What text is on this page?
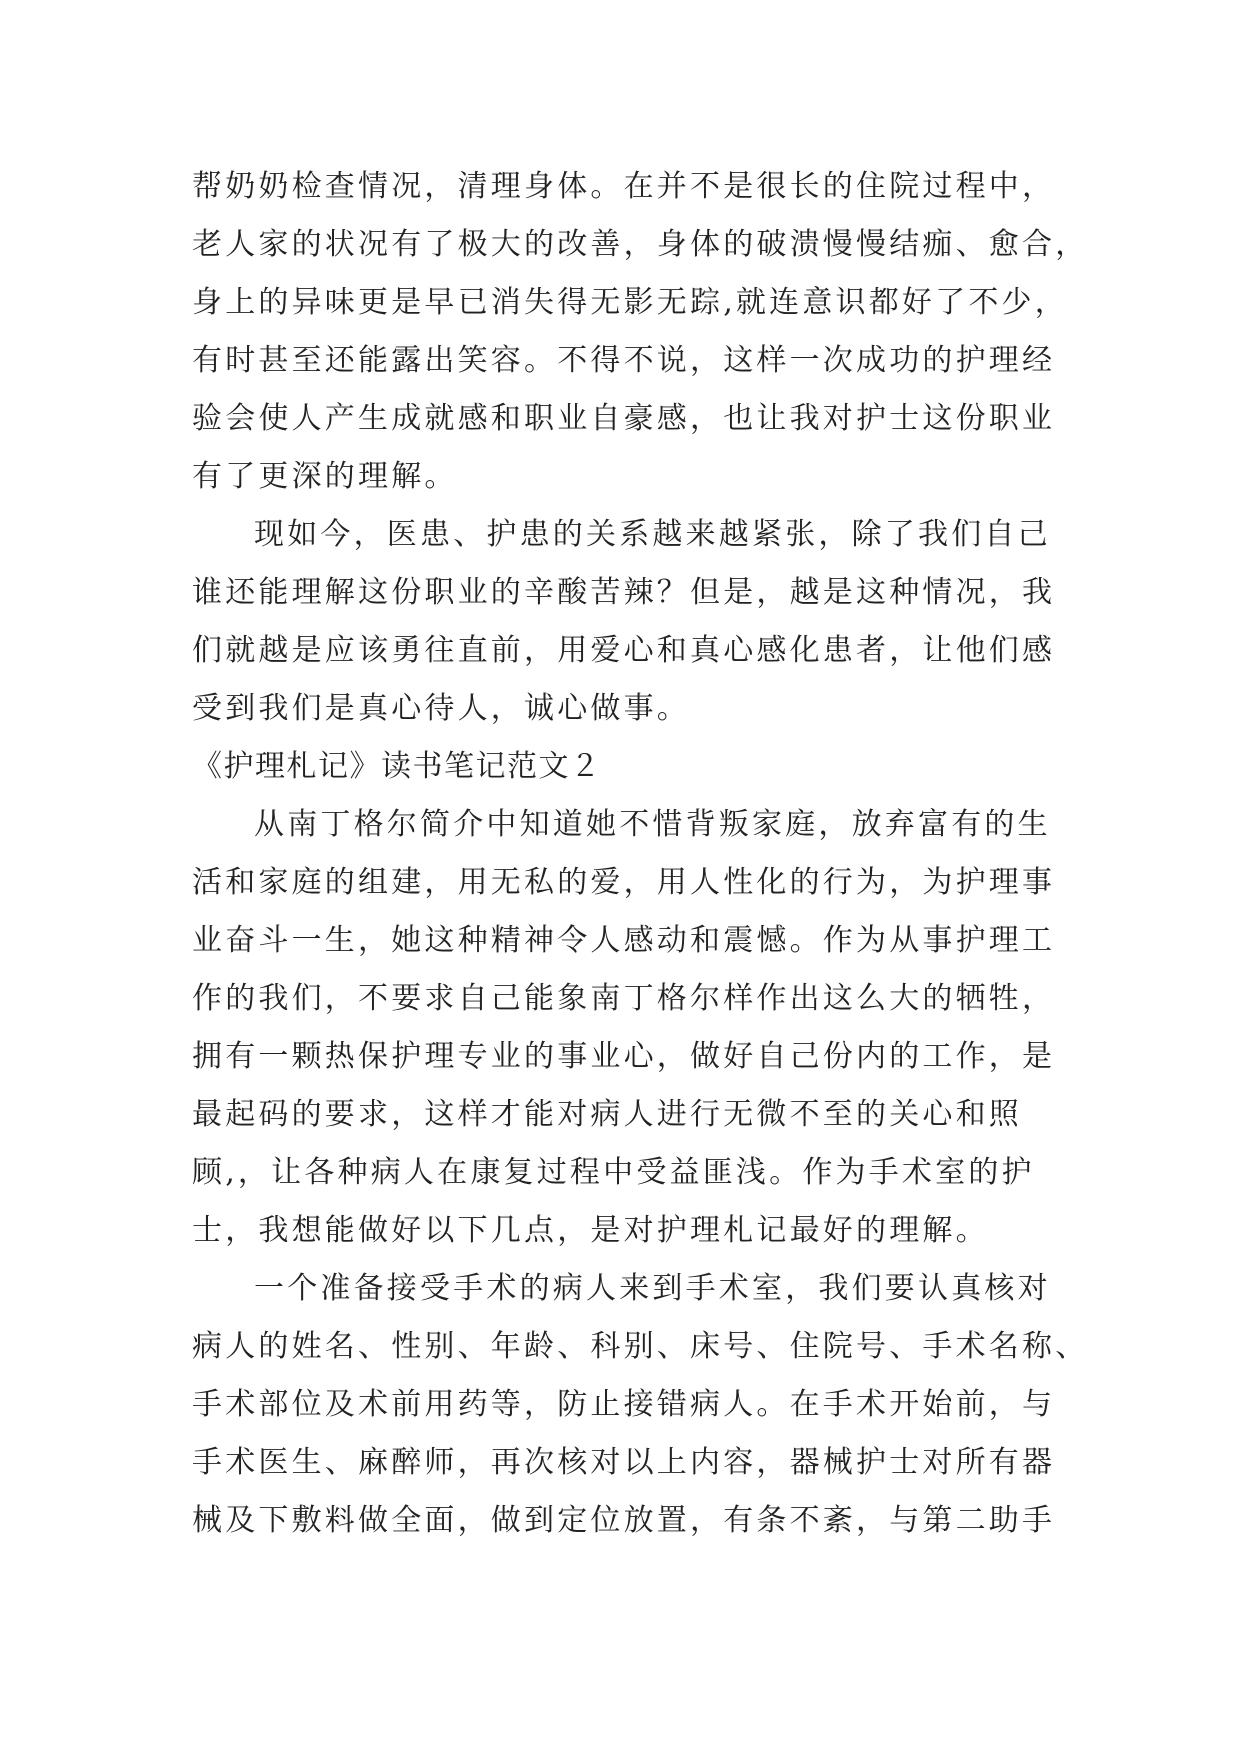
帮奶奶检查情况，清理身体。在并不是很长的住院过程中，
老人家的状况有了极大的改善，身体的破溃慢慢结痂、愈合，
身上的异味更是早已消失得无影无踪,就连意识都好了不少，
有时甚至还能露出笑容。不得不说，这样一次成功的护理经
验会使人产生成就感和职业自豪感，也让我对护士这份职业
有了更深的理解。
现如今，医患、护患的关系越来越紧张，除了我们自己
谁还能理解这份职业的辛酸苦辣？但是，越是这种情况，我
们就越是应该勇往直前，用爱心和真心感化患者，让他们感
受到我们是真心待人，诚心做事。
《护理札记》读书笔记范文２
从南丁格尔简介中知道她不惜背叛家庭，放弃富有的生
活和家庭的组建，用无私的爱，用人性化的行为，为护理事
业奋斗一生，她这种精神令人感动和震憾。作为从事护理工
作的我们，不要求自己能象南丁格尔样作出这么大的牺牲，
拥有一颗热保护理专业的事业心，做好自己份内的工作，是
最起码的要求，这样才能对病人进行无微不至的关心和照
顾,，让各种病人在康复过程中受益匪浅。作为手术室的护
士，我想能做好以下几点，是对护理札记最好的理解。
一个准备接受手术的病人来到手术室，我们要认真核对
病人的姓名、性别、年龄、科别、床号、住院号、手术名称、
手术部位及术前用药等，防止接错病人。在手术开始前，与
手术医生、麻醉师，再次核对以上内容，器械护士对所有器
械及下敷料做全面，做到定位放置，有条不紊，与第二助手
